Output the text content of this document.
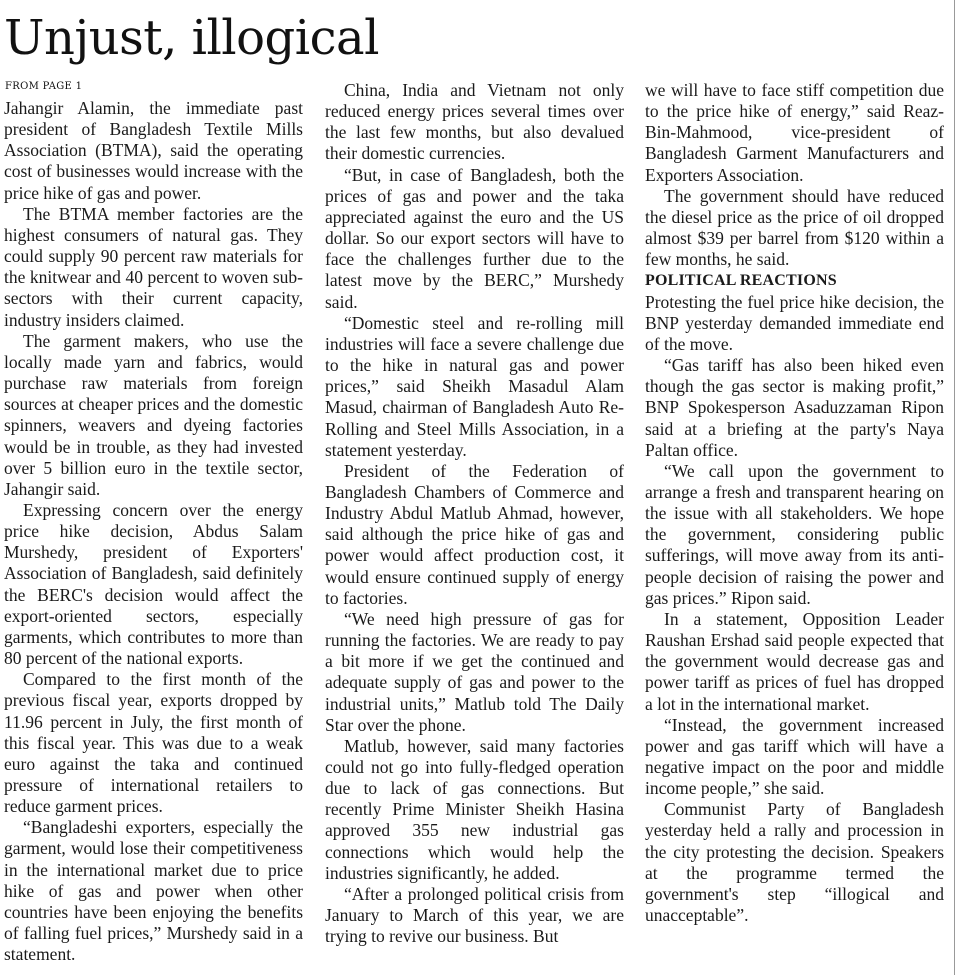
Unjust, illogical
FROM PAGE 1

Jahangir Alamin, the immediate past president of Bangladesh Textile Mills Association (BTMA), said the operating cost of businesses would increase with the price hike of gas and power.

The BTMA member factories are the highest consumers of natural gas. They could supply 90 percent raw materials for the knitwear and 40 percent to woven sub-sectors with their current capacity, industry insiders claimed.

The garment makers, who use the locally made yarn and fabrics, would purchase raw materials from foreign sources at cheaper prices and the domestic spinners, weavers and dyeing factories would be in trouble, as they had invested over 5 billion euro in the textile sector, Jahangir said.

Expressing concern over the energy price hike decision, Abdus Salam Murshedy, president of Exporters' Association of Bangladesh, said definitely the BERC's decision would affect the export-oriented sectors, especially garments, which contributes to more than 80 percent of the national exports.

Compared to the first month of the previous fiscal year, exports dropped by 11.96 percent in July, the first month of this fiscal year. This was due to a weak euro against the taka and continued pressure of international retailers to reduce garment prices.

“Bangladeshi exporters, especially the garment, would lose their competitiveness in the international market due to price hike of gas and power when other countries have been enjoying the benefits of falling fuel prices,” Murshedy said in a statement.

China, India and Vietnam not only reduced energy prices several times over the last few months, but also devalued their domestic currencies.

“But, in case of Bangladesh, both the prices of gas and power and the taka appreciated against the euro and the US dollar. So our export sectors will have to face the challenges further due to the latest move by the BERC,” Murshedy said.

“Domestic steel and re-rolling mill industries will face a severe challenge due to the hike in natural gas and power prices,” said Sheikh Masadul Alam Masud, chairman of Bangladesh Auto Re-Rolling and Steel Mills Association, in a statement yesterday.

President of the Federation of Bangladesh Chambers of Commerce and Industry Abdul Matlub Ahmad, however, said although the price hike of gas and power would affect production cost, it would ensure continued supply of energy to factories.

“We need high pressure of gas for running the factories. We are ready to pay a bit more if we get the continued and adequate supply of gas and power to the industrial units,” Matlub told The Daily Star over the phone.

Matlub, however, said many factories could not go into fully-fledged operation due to lack of gas connections. But recently Prime Minister Sheikh Hasina approved 355 new industrial gas connections which would help the industries significantly, he added.

“After a prolonged political crisis from January to March of this year, we are trying to revive our business. But

we will have to face stiff competition due to the price hike of energy,” said Reaz-Bin-Mahmood, vice-president of Bangladesh Garment Manufacturers and Exporters Association.

The government should have reduced the diesel price as the price of oil dropped almost $39 per barrel from $120 within a few months, he said.

POLITICAL REACTIONS

Protesting the fuel price hike decision, the BNP yesterday demanded immediate end of the move.

“Gas tariff has also been hiked even though the gas sector is making profit,” BNP Spokesperson Asaduzzaman Ripon said at a briefing at the party's Naya Paltan office.

“We call upon the government to arrange a fresh and transparent hearing on the issue with all stakeholders. We hope the government, considering public sufferings, will move away from its anti-people decision of raising the power and gas prices.” Ripon said.

In a statement, Opposition Leader Raushan Ershad said people expected that the government would decrease gas and power tariff as prices of fuel has dropped a lot in the international market.

“Instead, the government increased power and gas tariff which will have a negative impact on the poor and middle income people,” she said.

Communist Party of Bangladesh yesterday held a rally and procession in the city protesting the decision. Speakers at the programme termed the government's step “illogical and unacceptable”.
